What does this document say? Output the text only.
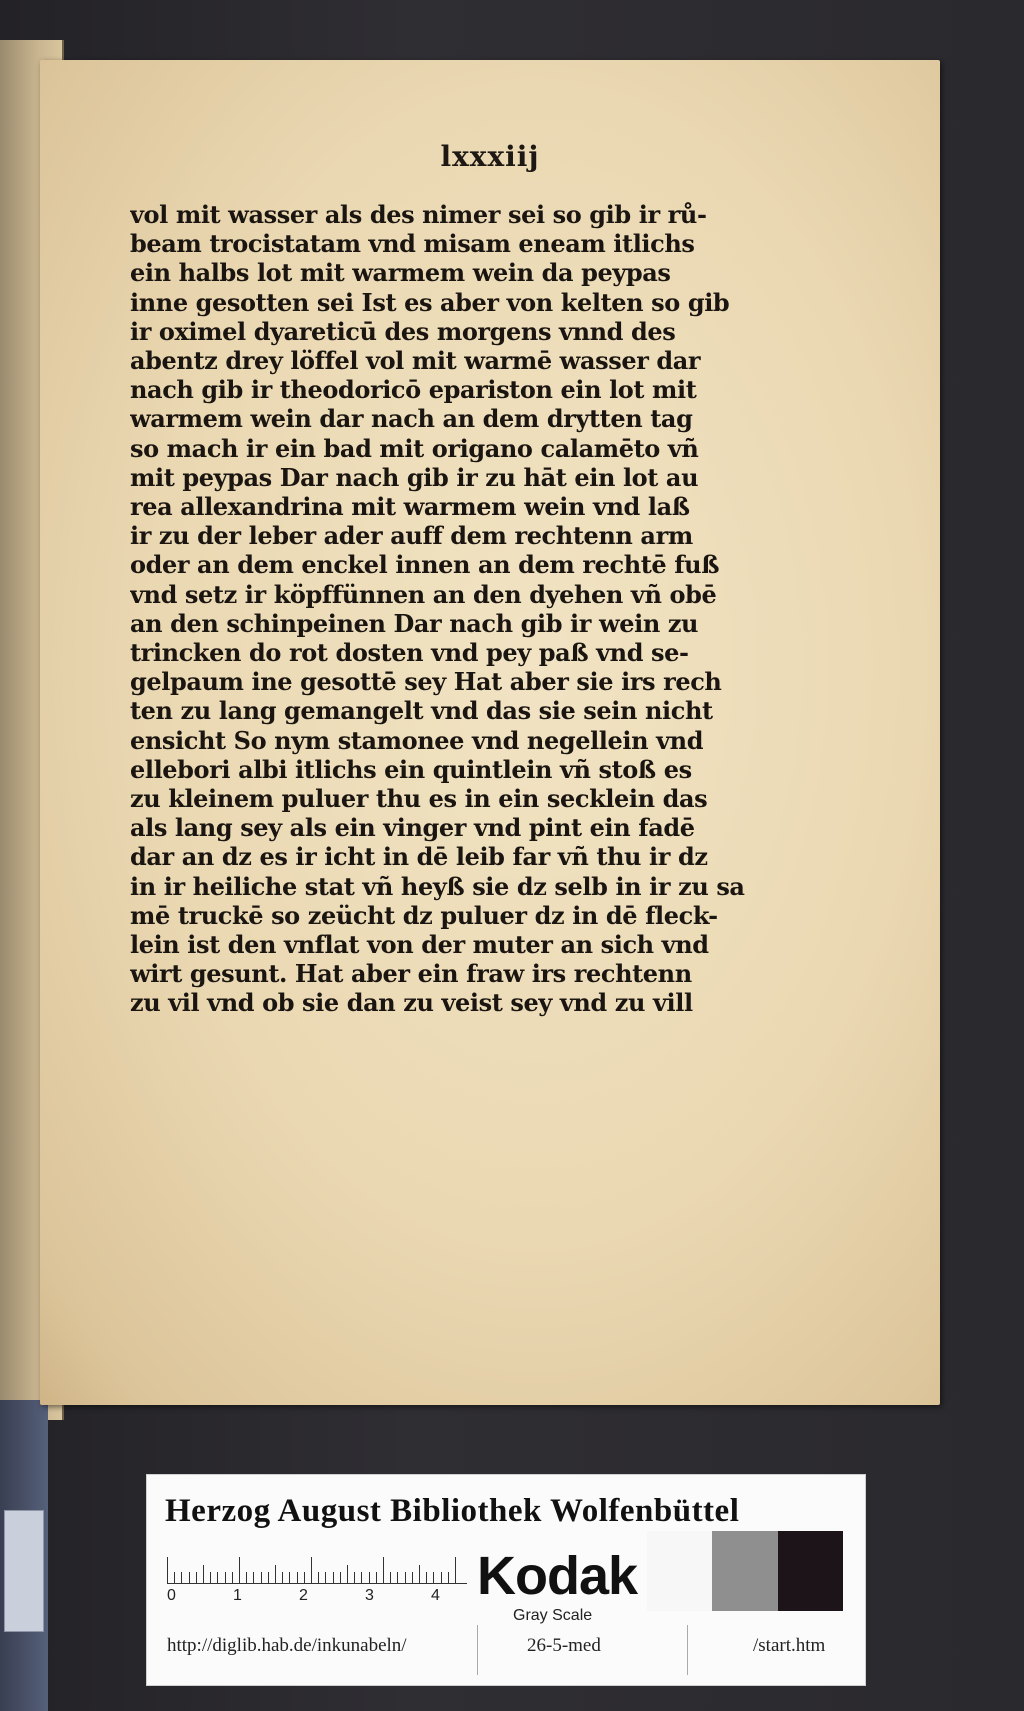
lxxxiij
vol mit wasser als des nimer sei so gib ir rů-
beam trocistatam vnd misam eneam itlichs
ein halbs lot mit warmem wein da peypas
inne gesotten sei Ist es aber von kelten so gib
ir oximel dyareticū des morgens vnnd des
abentz drey löffel vol mit warmē wasser dar
nach gib ir theodoricō epariston ein lot mit
warmem wein dar nach an dem drytten tag
so mach ir ein bad mit origano calamēto vñ
mit peypas Dar nach gib ir zu hāt ein lot au
rea allexandrina mit warmem wein vnd laß
ir zu der leber ader auff dem rechtenn arm
oder an dem enckel innen an dem rechtē fuß
vnd setz ir köpffünnen an den dyehen vñ obē
an den schinpeinen Dar nach gib ir wein zu
trincken do rot dosten vnd pey paß vnd se-
gelpaum ine gesottē sey Hat aber sie irs rech
ten zu lang gemangelt vnd das sie sein nicht
ensicht So nym stamonee vnd negellein vnd
ellebori albi itlichs ein quintlein vñ stoß es
zu kleinem puluer thu es in ein secklein das
als lang sey als ein vinger vnd pint ein fadē
dar an dz es ir icht in dē leib far vñ thu ir dz
in ir heiliche stat vñ heyß sie dz selb in ir zu sa
mē truckē so zeücht dz puluer dz in dē fleck-
lein ist den vnflat von der muter an sich vnd
wirt gesunt. Hat aber ein fraw irs rechtenn
zu vil vnd ob sie dan zu veist sey vnd zu vill
Herzog August Bibliothek Wolfenbüttel
0	1	2	3	4 Kodak
Gray Scale
http://diglib.hab.de/inkunabeln/	26-5-med	/start.htm
